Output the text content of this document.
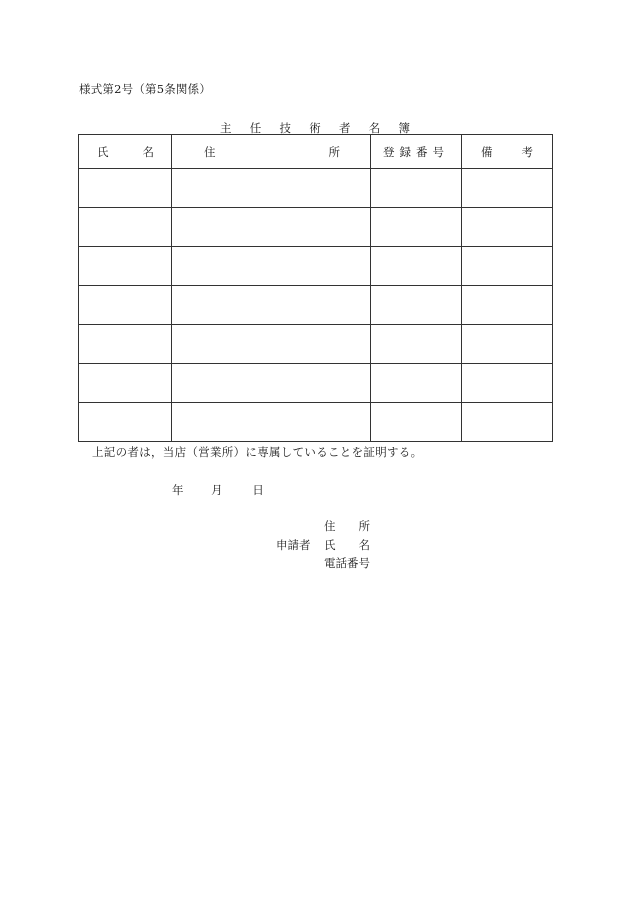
様式第2号（第5条関係）
主 任 技 術 者 名 簿
氏 名	住 所	登録番号	備 考

上記の者は，当店（営業所）に専属していることを証明する。
年 月	日
申請者
住 所
氏 名
電話番号
